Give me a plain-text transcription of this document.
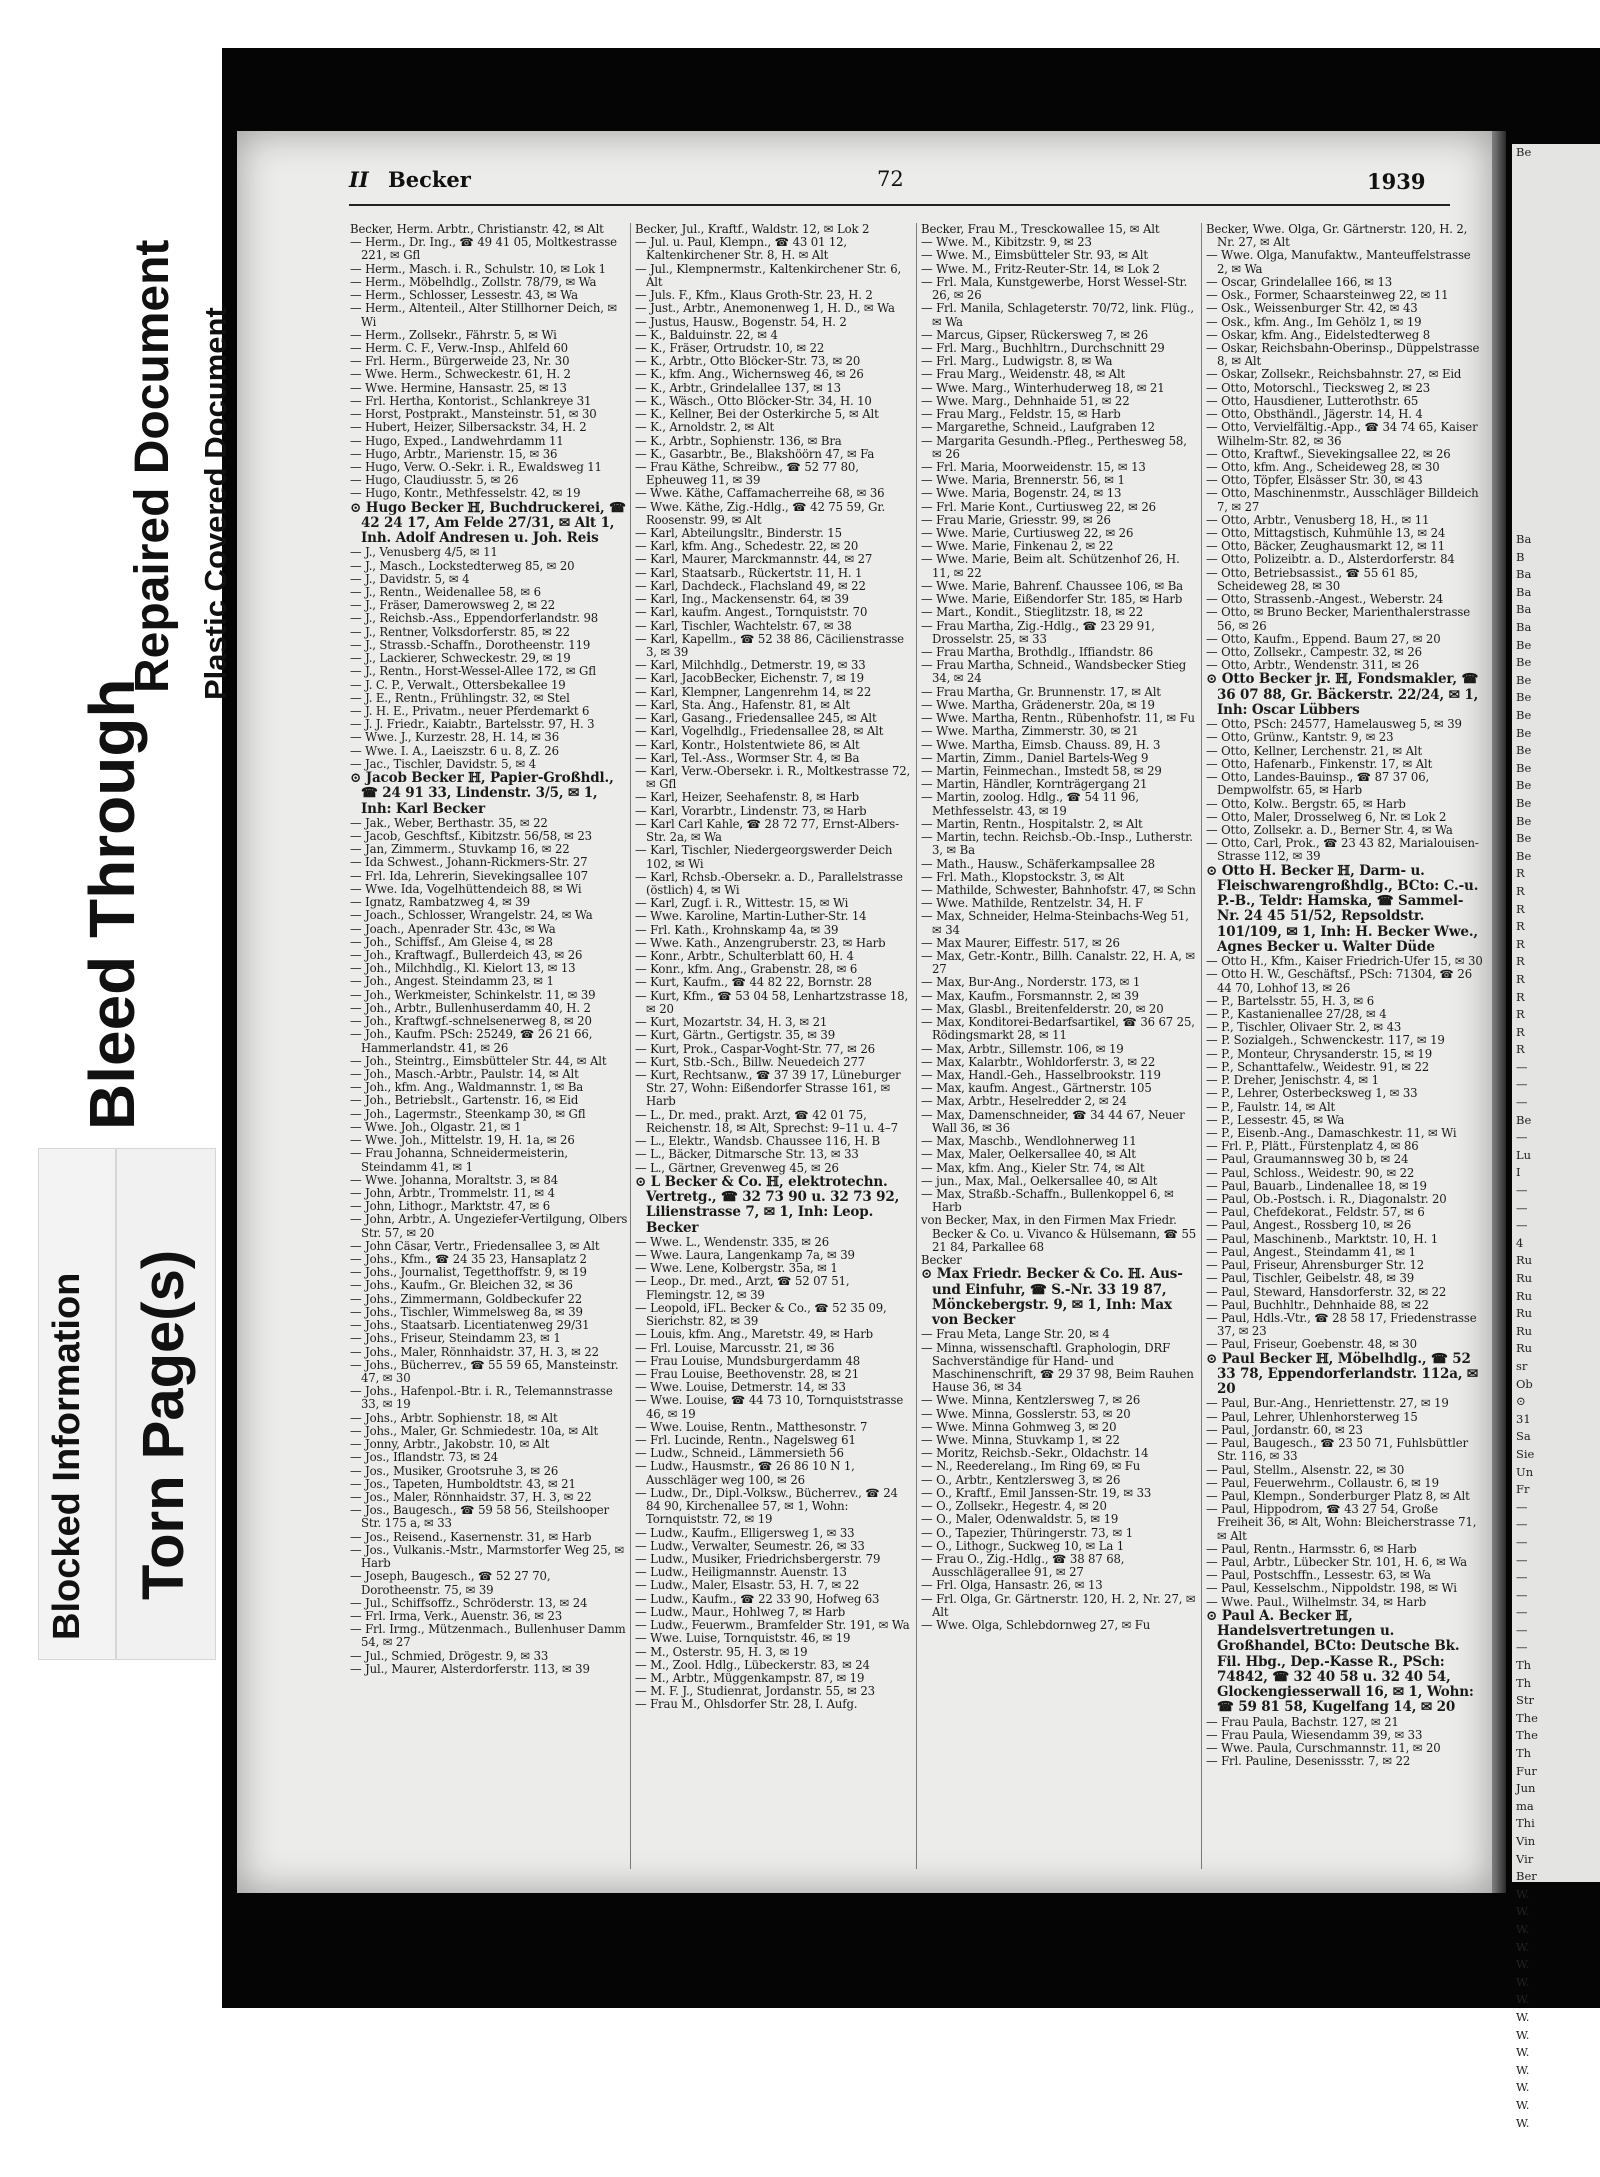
Plastic Covered Document
Repaired Document
Bleed Through
Blocked Information Torn Page(s)
Be
Ba
B
Ba
Ba
Ba
Ba
Be
Be
Be
Be
Be
Be
Be
Be
Be
Be
Be
Be
Be
R
R
R
R
R
R
R
R
R
R
R
—
—
—
Be
—
Lu
I
—
—
—
4
Ru
Ru
Ru
Ru
Ru
Ru
sr
Ob
⊙
31
Sa
Sie
Un
Fr
—
—
—
—
—
—
—
—
—
Th
Th
Str
The
The
Th
Fur
Jun
ma
Thi
Vin
Vir
Ber
W.
W.
W.
W.
W.
W.
W.
W.
W.
W.
W.
W.
W.
W.
II Becker	72	1939

Becker, Herm. Arbtr., Christianstr. 42, ✉ Alt

— Herm., Dr. Ing., ☎ 49 41 05, Moltkestrasse 221, ✉ Gfl

— Herm., Masch. i. R., Schulstr. 10, ✉ Lok 1

— Herm., Möbelhdlg., Zollstr. 78/79, ✉ Wa

— Herm., Schlosser, Lessestr. 43, ✉ Wa

— Herm., Altenteil., Alter Stillhorner Deich, ✉ Wi

— Herm., Zollsekr., Fährstr. 5, ✉ Wi

— Herm. C. F., Verw.-Insp., Ahlfeld 60

— Frl. Herm., Bürgerweide 23, Nr. 30

— Wwe. Herm., Schweckestr. 61, H. 2

— Wwe. Hermine, Hansastr. 25, ✉ 13

— Frl. Hertha, Kontorist., Schlankreye 31

— Horst, Postprakt., Mansteinstr. 51, ✉ 30

— Hubert, Heizer, Silbersackstr. 34, H. 2

— Hugo, Exped., Landwehrdamm 11

— Hugo, Arbtr., Marienstr. 15, ✉ 36

— Hugo, Verw. O.-Sekr. i. R., Ewaldsweg 11

— Hugo, Claudiusstr. 5, ✉ 26

— Hugo, Kontr., Methfesselstr. 42, ✉ 19

⊙ Hugo Becker ℍ, Buchdruckerei, ☎ 42 24 17, Am Felde 27/31, ✉ Alt 1, Inh. Adolf Andresen u. Joh. Reis

— J., Venusberg 4/5, ✉ 11

— J., Masch., Lockstedterweg 85, ✉ 20

— J., Davidstr. 5, ✉ 4

— J., Rentn., Weidenallee 58, ✉ 6

— J., Fräser, Damerowsweg 2, ✉ 22

— J., Reichsb.-Ass., Eppendorferlandstr. 98

— J., Rentner, Volksdorferstr. 85, ✉ 22

— J., Strassb.-Schaffn., Dorotheenstr. 119

— J., Lackierer, Schweckestr. 29, ✉ 19

— J., Rentn., Horst-Wessel-Allee 172, ✉ Gfl

— J. C. P., Verwalt., Ottersbekallee 19

— J. E., Rentn., Frühlingstr. 32, ✉ Stel

— J. H. E., Privatm., neuer Pferdemarkt 6

— J. J. Friedr., Kaiabtr., Bartelsstr. 97, H. 3

— Wwe. J., Kurzestr. 28, H. 14, ✉ 36

— Wwe. I. A., Laeiszstr. 6 u. 8, Z. 26

— Jac., Tischler, Davidstr. 5, ✉ 4

⊙ Jacob Becker ℍ, Papier-Großhdl., ☎ 24 91 33, Lindenstr. 3/5, ✉ 1, Inh: Karl Becker

— Jak., Weber, Berthastr. 35, ✉ 22

— Jacob, Geschftsf., Kibitzstr. 56/58, ✉ 23

— Jan, Zimmerm., Stuvkamp 16, ✉ 22

— Ida Schwest., Johann-Rickmers-Str. 27

— Frl. Ida, Lehrerin, Sievekingsallee 107

— Wwe. Ida, Vogelhüttendeich 88, ✉ Wi

— Ignatz, Rambatzweg 4, ✉ 39

— Joach., Schlosser, Wrangelstr. 24, ✉ Wa

— Joach., Apenrader Str. 43c, ✉ Wa

— Joh., Schiffsf., Am Gleise 4, ✉ 28

— Joh., Kraftwagf., Bullerdeich 43, ✉ 26

— Joh., Milchhdlg., Kl. Kielort 13, ✉ 13

— Joh., Angest. Steindamm 23, ✉ 1

— Joh., Werkmeister, Schinkelstr. 11, ✉ 39

— Joh., Arbtr., Bullenhuserdamm 40, H. 2

— Joh., Kraftwgf.-schnelsenerweg 8, ✉ 20

— Joh., Kaufm. PSch: 25249, ☎ 26 21 66, Hammerlandstr. 41, ✉ 26

— Joh., Steintrg., Eimsbütteler Str. 44, ✉ Alt

— Joh., Masch.-Arbtr., Paulstr. 14, ✉ Alt

— Joh., kfm. Ang., Waldmannstr. 1, ✉ Ba

— Joh., Betriebslt., Gartenstr. 16, ✉ Eid

— Joh., Lagermstr., Steenkamp 30, ✉ Gfl

— Wwe. Joh., Olgastr. 21, ✉ 1

— Wwe. Joh., Mittelstr. 19, H. 1a, ✉ 26

— Frau Johanna, Schneidermeisterin, Steindamm 41, ✉ 1

— Wwe. Johanna, Moraltstr. 3, ✉ 84

— John, Arbtr., Trommelstr. 11, ✉ 4

— John, Lithogr., Marktstr. 47, ✉ 6

— John, Arbtr., A. Ungeziefer-Vertilgung, Olbers Str. 57, ✉ 20

— John Cäsar, Vertr., Friedensallee 3, ✉ Alt

— Johs., Kfm., ☎ 24 35 23, Hansaplatz 2

— Johs., Journalist, Tegetthoffstr. 9, ✉ 19

— Johs., Kaufm., Gr. Bleichen 32, ✉ 36

— Johs., Zimmermann, Goldbeckufer 22

— Johs., Tischler, Wimmelsweg 8a, ✉ 39

— Johs., Staatsarb. Licentiatenweg 29/31

— Johs., Friseur, Steindamm 23, ✉ 1

— Johs., Maler, Rönnhaidstr. 37, H. 3, ✉ 22

— Johs., Bücherrev., ☎ 55 59 65, Mansteinstr. 47, ✉ 30

— Johs., Hafenpol.-Btr. i. R., Telemannstrasse 33, ✉ 19

— Johs., Arbtr. Sophienstr. 18, ✉ Alt

— Johs., Maler, Gr. Schmiedestr. 10a, ✉ Alt

— Jonny, Arbtr., Jakobstr. 10, ✉ Alt

— Jos., Iflandstr. 73, ✉ 24

— Jos., Musiker, Grootsruhe 3, ✉ 26

— Jos., Tapeten, Humboldtstr. 43, ✉ 21

— Jos., Maler, Rönnhaidstr. 37, H. 3, ✉ 22

— Jos., Baugesch., ☎ 59 58 56, Steilshooper Str. 175 a, ✉ 33

— Jos., Reisend., Kasernenstr. 31, ✉ Harb

— Jos., Vulkanis.-Mstr., Marmstorfer Weg 25, ✉ Harb

— Joseph, Baugesch., ☎ 52 27 70, Dorotheenstr. 75, ✉ 39

— Jul., Schiffsoffz., Schröderstr. 13, ✉ 24

— Frl. Irma, Verk., Auenstr. 36, ✉ 23

— Frl. Irmg., Mützenmach., Bullenhuser Damm 54, ✉ 27

— Jul., Schmied, Drögestr. 9, ✉ 33

— Jul., Maurer, Alsterdorferstr. 113, ✉ 39

Becker, Jul., Kraftf., Waldstr. 12, ✉ Lok 2

— Jul. u. Paul, Klempn., ☎ 43 01 12, Kaltenkirchener Str. 8, H. ✉ Alt

— Jul., Klempnermstr., Kaltenkirchener Str. 6, Alt

— Juls. F., Kfm., Klaus Groth-Str. 23, H. 2

— Just., Arbtr., Anemonenweg 1, H. D., ✉ Wa

— Justus, Hausw., Bogenstr. 54, H. 2

— K., Balduinstr. 22, ✉ 4

— K., Fräser, Ortrudstr. 10, ✉ 22

— K., Arbtr., Otto Blöcker-Str. 73, ✉ 20

— K., kfm. Ang., Wichernsweg 46, ✉ 26

— K., Arbtr., Grindelallee 137, ✉ 13

— K., Wäsch., Otto Blöcker-Str. 34, H. 10

— K., Kellner, Bei der Osterkirche 5, ✉ Alt

— K., Arnoldstr. 2, ✉ Alt

— K., Arbtr., Sophienstr. 136, ✉ Bra

— K., Gasarbtr., Be., Blakshöörn 47, ✉ Fa

— Frau Käthe, Schreibw., ☎ 52 77 80, Epheuweg 11, ✉ 39

— Wwe. Käthe, Caffamacherreihe 68, ✉ 36

— Wwe. Käthe, Zig.-Hdlg., ☎ 42 75 59, Gr. Roosenstr. 99, ✉ Alt

— Karl, Abteilungsltr., Binderstr. 15

— Karl, kfm. Ang., Schedestr. 22, ✉ 20

— Karl, Maurer, Marckmannstr. 44, ✉ 27

— Karl, Staatsarb., Rückertstr. 11, H. 1

— Karl, Dachdeck., Flachsland 49, ✉ 22

— Karl, Ing., Mackensenstr. 64, ✉ 39

— Karl, kaufm. Angest., Tornquiststr. 70

— Karl, Tischler, Wachtelstr. 67, ✉ 38

— Karl, Kapellm., ☎ 52 38 86, Cäcilienstrasse 3, ✉ 39

— Karl, Milchhdlg., Detmerstr. 19, ✉ 33

— Karl, JacobBecker, Eichenstr. 7, ✉ 19

— Karl, Klempner, Langenrehm 14, ✉ 22

— Karl, Sta. Ang., Hafenstr. 81, ✉ Alt

— Karl, Gasang., Friedensallee 245, ✉ Alt

— Karl, Vogelhdlg., Friedensallee 28, ✉ Alt

— Karl, Kontr., Holstentwiete 86, ✉ Alt

— Karl, Tel.-Ass., Wormser Str. 4, ✉ Ba

— Karl, Verw.-Obersekr. i. R., Moltkestrasse 72, ✉ Gfl

— Karl, Heizer, Seehafenstr. 8, ✉ Harb

— Karl, Vorarbtr., Lindenstr. 73, ✉ Harb

— Karl Carl Kahle, ☎ 28 72 77, Ernst-Albers-Str. 2a, ✉ Wa

— Karl, Tischler, Niedergeorgswerder Deich 102, ✉ Wi

— Karl, Rchsb.-Obersekr. a. D., Parallelstrasse (östlich) 4, ✉ Wi

— Karl, Zugf. i. R., Wittestr. 15, ✉ Wi

— Wwe. Karoline, Martin-Luther-Str. 14

— Frl. Kath., Krohnskamp 4a, ✉ 39

— Wwe. Kath., Anzengruberstr. 23, ✉ Harb

— Konr., Arbtr., Schulterblatt 60, H. 4

— Konr., kfm. Ang., Grabenstr. 28, ✉ 6

— Kurt, Kaufm., ☎ 44 82 22, Bornstr. 28

— Kurt, Kfm., ☎ 53 04 58, Lenhartzstrasse 18, ✉ 20

— Kurt, Mozartstr. 34, H. 3, ✉ 21

— Kurt, Gärtn., Gertigstr. 35, ✉ 39

— Kurt, Prok., Caspar-Voght-Str. 77, ✉ 26

— Kurt, Stb.-Sch., Billw. Neuedeich 277

— Kurt, Rechtsanw., ☎ 37 39 17, Lüneburger Str. 27, Wohn: Eißendorfer Strasse 161, ✉ Harb

— L., Dr. med., prakt. Arzt, ☎ 42 01 75, Reichenstr. 18, ✉ Alt, Sprechst: 9–11 u. 4–7

— L., Elektr., Wandsb. Chaussee 116, H. B

— L., Bäcker, Ditmarsche Str. 13, ✉ 33

— L., Gärtner, Grevenweg 45, ✉ 26

⊙ L Becker & Co. ℍ, elektrotechn. Vertretg., ☎ 32 73 90 u. 32 73 92, Lilienstrasse 7, ✉ 1, Inh: Leop. Becker

— Wwe. L., Wendenstr. 335, ✉ 26

— Wwe. Laura, Langenkamp 7a, ✉ 39

— Wwe. Lene, Kolbergstr. 35a, ✉ 1

— Leop., Dr. med., Arzt, ☎ 52 07 51, Flemingstr. 12, ✉ 39

— Leopold, iFL. Becker & Co., ☎ 52 35 09, Sierichstr. 82, ✉ 39

— Louis, kfm. Ang., Maretstr. 49, ✉ Harb

— Frl. Louise, Marcusstr. 21, ✉ 36

— Frau Louise, Mundsburgerdamm 48

— Frau Louise, Beethovenstr. 28, ✉ 21

— Wwe. Louise, Detmerstr. 14, ✉ 33

— Wwe. Louise, ☎ 44 73 10, Tornquiststrasse 46, ✉ 19

— Wwe. Louise, Rentn., Matthesonstr. 7

— Frl. Lucinde, Rentn., Nagelsweg 61

— Ludw., Schneid., Lämmersieth 56

— Ludw., Hausmstr., ☎ 26 86 10 N 1, Ausschläger weg 100, ✉ 26

— Ludw., Dr., Dipl.-Volksw., Bücherrev., ☎ 24 84 90, Kirchenallee 57, ✉ 1, Wohn: Tornquiststr. 72, ✉ 19

— Ludw., Kaufm., Elligersweg 1, ✉ 33

— Ludw., Verwalter, Seumestr. 26, ✉ 33

— Ludw., Musiker, Friedrichsbergerstr. 79

— Ludw., Heiligmannstr. Auenstr. 13

— Ludw., Maler, Elsastr. 53, H. 7, ✉ 22

— Ludw., Kaufm., ☎ 22 33 90, Hofweg 63

— Ludw., Maur., Hohlweg 7, ✉ Harb

— Ludw., Feuerwm., Bramfelder Str. 191, ✉ Wa

— Wwe. Luise, Tornquiststr. 46, ✉ 19

— M., Osterstr. 95, H. 3, ✉ 19

— M., Zool. Hdlg., Lübeckerstr. 83, ✉ 24

— M., Arbtr., Müggenkampstr. 87, ✉ 19

— M. F. J., Studienrat, Jordanstr. 55, ✉ 23

— Frau M., Ohlsdorfer Str. 28, I. Aufg.

Becker, Frau M., Tresckowallee 15, ✉ Alt

— Wwe. M., Kibitzstr. 9, ✉ 23

— Wwe. M., Eimsbütteler Str. 93, ✉ Alt

— Wwe. M., Fritz-Reuter-Str. 14, ✉ Lok 2

— Frl. Mala, Kunstgewerbe, Horst Wessel-Str. 26, ✉ 26

— Frl. Manila, Schlageterstr. 70/72, link. Flüg., ✉ Wa

— Marcus, Gipser, Rückersweg 7, ✉ 26

— Frl. Marg., Buchhltrn., Durchschnitt 29

— Frl. Marg., Ludwigstr. 8, ✉ Wa

— Frau Marg., Weidenstr. 48, ✉ Alt

— Wwe. Marg., Winterhuderweg 18, ✉ 21

— Wwe. Marg., Dehnhaide 51, ✉ 22

— Frau Marg., Feldstr. 15, ✉ Harb

— Margarethe, Schneid., Laufgraben 12

— Margarita Gesundh.-Pfleg., Perthesweg 58, ✉ 26

— Frl. Maria, Moorweidenstr. 15, ✉ 13

— Wwe. Maria, Brennerstr. 56, ✉ 1

— Wwe. Maria, Bogenstr. 24, ✉ 13

— Frl. Marie Kont., Curtiusweg 22, ✉ 26

— Frau Marie, Griesstr. 99, ✉ 26

— Wwe. Marie, Curtiusweg 22, ✉ 26

— Wwe. Marie, Finkenau 2, ✉ 22

— Wwe. Marie, Beim alt. Schützenhof 26, H. 11, ✉ 22

— Wwe. Marie, Bahrenf. Chaussee 106, ✉ Ba

— Wwe. Marie, Eißendorfer Str. 185, ✉ Harb

— Mart., Kondit., Stieglitzstr. 18, ✉ 22

— Frau Martha, Zig.-Hdlg., ☎ 23 29 91, Drosselstr. 25, ✉ 33

— Frau Martha, Brothdlg., Iffiandstr. 86

— Frau Martha, Schneid., Wandsbecker Stieg 34, ✉ 24

— Frau Martha, Gr. Brunnenstr. 17, ✉ Alt

— Wwe. Martha, Grädenerstr. 20a, ✉ 19

— Wwe. Martha, Rentn., Rübenhofstr. 11, ✉ Fu

— Wwe. Martha, Zimmerstr. 30, ✉ 21

— Wwe. Martha, Eimsb. Chauss. 89, H. 3

— Martin, Zimm., Daniel Bartels-Weg 9

— Martin, Feinmechan., Imstedt 58, ✉ 29

— Martin, Händler, Kornträgergang 21

— Martin, zoolog. Hdlg., ☎ 54 11 96, Methfesselstr. 43, ✉ 19

— Martin, Rentn., Hospitalstr. 2, ✉ Alt

— Martin, techn. Reichsb.-Ob.-Insp., Lutherstr. 3, ✉ Ba

— Math., Hausw., Schäferkampsallee 28

— Frl. Math., Klopstockstr. 3, ✉ Alt

— Mathilde, Schwester, Bahnhofstr. 47, ✉ Schn

— Wwe. Mathilde, Rentzelstr. 34, H. F

— Max, Schneider, Helma-Steinbachs-Weg 51, ✉ 34

— Max Maurer, Eiffestr. 517, ✉ 26

— Max, Getr.-Kontr., Billh. Canalstr. 22, H. A, ✉ 27

— Max, Bur-Ang., Norderstr. 173, ✉ 1

— Max, Kaufm., Forsmannstr. 2, ✉ 39

— Max, Glasbl., Breitenfelderstr. 20, ✉ 20

— Max, Konditorei-Bedarfsartikel, ☎ 36 67 25, Rödingsmarkt 28, ✉ 11

— Max, Arbtr., Sillemstr. 106, ✉ 19

— Max, Kalarbtr., Wohldorferstr. 3, ✉ 22

— Max, Handl.-Geh., Hasselbrookstr. 119

— Max, kaufm. Angest., Gärtnerstr. 105

— Max, Arbtr., Heselredder 2, ✉ 24

— Max, Damenschneider, ☎ 34 44 67, Neuer Wall 36, ✉ 36

— Max, Maschb., Wendlohnerweg 11

— Max, Maler, Oelkersallee 40, ✉ Alt

— Max, kfm. Ang., Kieler Str. 74, ✉ Alt

— jun., Max, Mal., Oelkersallee 40, ✉ Alt

— Max, Straßb.-Schaffn., Bullenkoppel 6, ✉ Harb

von Becker, Max, in den Firmen Max Friedr. Becker & Co. u. Vivanco & Hülsemann, ☎ 55 21 84, Parkallee 68

Becker

⊙ Max Friedr. Becker & Co. ℍ. Aus- und Einfuhr, ☎ S.-Nr. 33 19 87, Mönckebergstr. 9, ✉ 1, Inh: Max von Becker

— Frau Meta, Lange Str. 20, ✉ 4

— Minna, wissenschaftl. Graphologin, DRF Sachverständige für Hand- und Maschinenschrift, ☎ 29 37 98, Beim Rauhen Hause 36, ✉ 34

— Wwe. Minna, Kentzlersweg 7, ✉ 26

— Wwe. Minna, Gosslerstr. 53, ✉ 20

— Wwe. Minna Gohmweg 3, ✉ 20

— Wwe. Minna, Stuvkamp 1, ✉ 22

— Moritz, Reichsb.-Sekr., Oldachstr. 14

— N., Reederelang., Im Ring 69, ✉ Fu

— O., Arbtr., Kentzlersweg 3, ✉ 26

— O., Kraftf., Emil Janssen-Str. 19, ✉ 33

— O., Zollsekr., Hegestr. 4, ✉ 20

— O., Maler, Odenwaldstr. 5, ✉ 19

— O., Tapezier, Thüringerstr. 73, ✉ 1

— O., Lithogr., Suckweg 10, ✉ La 1

— Frau O., Zig.-Hdlg., ☎ 38 87 68, Ausschlägerallee 91, ✉ 27

— Frl. Olga, Hansastr. 26, ✉ 13

— Frl. Olga, Gr. Gärtnerstr. 120, H. 2, Nr. 27, ✉ Alt

— Wwe. Olga, Schlebdornweg 27, ✉ Fu

Becker, Wwe. Olga, Gr. Gärtnerstr. 120, H. 2, Nr. 27, ✉ Alt

— Wwe. Olga, Manufaktw., Manteuffelstrasse 2, ✉ Wa

— Oscar, Grindelallee 166, ✉ 13

— Osk., Former, Schaarsteinweg 22, ✉ 11

— Osk., Weissenburger Str. 42, ✉ 43

— Osk., kfm. Ang., Im Gehölz 1, ✉ 19

— Oskar, kfm. Ang., Eidelstedterweg 8

— Oskar, Reichsbahn-Oberinsp., Düppelstrasse 8, ✉ Alt

— Oskar, Zollsekr., Reichsbahnstr. 27, ✉ Eid

— Otto, Motorschl., Tiecksweg 2, ✉ 23

— Otto, Hausdiener, Lutterothstr. 65

— Otto, Obsthändl., Jägerstr. 14, H. 4

— Otto, Vervielfältig.-App., ☎ 34 74 65, Kaiser Wilhelm-Str. 82, ✉ 36

— Otto, Kraftwf., Sievekingsallee 22, ✉ 26

— Otto, kfm. Ang., Scheideweg 28, ✉ 30

— Otto, Töpfer, Elsässer Str. 30, ✉ 43

— Otto, Maschinenmstr., Ausschläger Billdeich 7, ✉ 27

— Otto, Arbtr., Venusberg 18, H., ✉ 11

— Otto, Mittagstisch, Kuhmühle 13, ✉ 24

— Otto, Bäcker, Zeughausmarkt 12, ✉ 11

— Otto, Polizeibtr. a. D., Alsterdorferstr. 84

— Otto, Betriebsassist., ☎ 55 61 85, Scheideweg 28, ✉ 30

— Otto, Strassenb.-Angest., Weberstr. 24

— Otto, ✉ Bruno Becker, Marienthalerstrasse 56, ✉ 26

— Otto, Kaufm., Eppend. Baum 27, ✉ 20

— Otto, Zollsekr., Campestr. 32, ✉ 26

— Otto, Arbtr., Wendenstr. 311, ✉ 26

⊙ Otto Becker jr. ℍ, Fondsmakler, ☎ 36 07 88, Gr. Bäckerstr. 22/24, ✉ 1, Inh: Oscar Lübbers

— Otto, PSch: 24577, Hamelausweg 5, ✉ 39

— Otto, Grünw., Kantstr. 9, ✉ 23

— Otto, Kellner, Lerchenstr. 21, ✉ Alt

— Otto, Hafenarb., Finkenstr. 17, ✉ Alt

— Otto, Landes-Bauinsp., ☎ 87 37 06, Dempwolfstr. 65, ✉ Harb

— Otto, Kolw.. Bergstr. 65, ✉ Harb

— Otto, Maler, Drosselweg 6, Nr. ✉ Lok 2

— Otto, Zollsekr. a. D., Berner Str. 4, ✉ Wa

— Otto, Carl, Prok., ☎ 23 43 82, Marialouisen-Strasse 112, ✉ 39

⊙ Otto H. Becker ℍ, Darm- u. Fleischwarengroßhdlg., BCto: C.-u. P.-B., Teldr: Hamska, ☎ Sammel-Nr. 24 45 51/52, Repsoldstr. 101/109, ✉ 1, Inh: H. Becker Wwe., Agnes Becker u. Walter Düde

— Otto H., Kfm., Kaiser Friedrich-Ufer 15, ✉ 30

— Otto H. W., Geschäftsf., PSch: 71304, ☎ 26 44 70, Lohhof 13, ✉ 26

— P., Bartelsstr. 55, H. 3, ✉ 6

— P., Kastanienallee 27/28, ✉ 4

— P., Tischler, Olivaer Str. 2, ✉ 43

— P. Sozialgeh., Schwenckestr. 117, ✉ 19

— P., Monteur, Chrysanderstr. 15, ✉ 19

— P., Schanttafelw., Weidestr. 91, ✉ 22

— P. Dreher, Jenischstr. 4, ✉ 1

— P., Lehrer, Osterbecksweg 1, ✉ 33

— P., Faulstr. 14, ✉ Alt

— P., Lessestr. 45, ✉ Wa

— P., Eisenb.-Ang., Damaschkestr. 11, ✉ Wi

— Frl. P., Plätt., Fürstenplatz 4, ✉ 86

— Paul, Graumannsweg 30 b, ✉ 24

— Paul, Schloss., Weidestr. 90, ✉ 22

— Paul, Bauarb., Lindenallee 18, ✉ 19

— Paul, Ob.-Postsch. i. R., Diagonalstr. 20

— Paul, Chefdekorat., Feldstr. 57, ✉ 6

— Paul, Angest., Rossberg 10, ✉ 26

— Paul, Maschinenb., Marktstr. 10, H. 1

— Paul, Angest., Steindamm 41, ✉ 1

— Paul, Friseur, Ahrensburger Str. 12

— Paul, Tischler, Geibelstr. 48, ✉ 39

— Paul, Steward, Hansdorferstr. 32, ✉ 22

— Paul, Buchhltr., Dehnhaide 88, ✉ 22

— Paul, Hdls.-Vtr., ☎ 28 58 17, Friedenstrasse 37, ✉ 23

— Paul, Friseur, Goebenstr. 48, ✉ 30

⊙ Paul Becker ℍ, Möbelhdlg., ☎ 52 33 78, Eppendorferlandstr. 112a, ✉ 20

— Paul, Bur.-Ang., Henriettenstr. 27, ✉ 19

— Paul, Lehrer, Uhlenhorsterweg 15

— Paul, Jordanstr. 60, ✉ 23

— Paul, Baugesch., ☎ 23 50 71, Fuhlsbüttler Str. 116, ✉ 33

— Paul, Stellm., Alsenstr. 22, ✉ 30

— Paul, Feuerwehrm., Collaustr. 6, ✉ 19

— Paul, Klempn., Sonderburger Platz 8, ✉ Alt

— Paul, Hippodrom, ☎ 43 27 54, Große Freiheit 36, ✉ Alt, Wohn: Bleicherstrasse 71, ✉ Alt

— Paul, Rentn., Harmsstr. 6, ✉ Harb

— Paul, Arbtr., Lübecker Str. 101, H. 6, ✉ Wa

— Paul, Postschffn., Lessestr. 63, ✉ Wa

— Paul, Kesselschm., Nippoldstr. 198, ✉ Wi

— Wwe. Paul., Wilhelmstr. 34, ✉ Harb

⊙ Paul A. Becker ℍ, Handelsvertretungen u. Großhandel, BCto: Deutsche Bk. Fil. Hbg., Dep.-Kasse R., PSch: 74842, ☎ 32 40 58 u. 32 40 54, Glockengiesserwall 16, ✉ 1, Wohn: ☎ 59 81 58, Kugelfang 14, ✉ 20

— Frau Paula, Bachstr. 127, ✉ 21

— Frau Paula, Wiesendamm 39, ✉ 33

— Wwe. Paula, Curschmannstr. 11, ✉ 20

— Frl. Pauline, Desenissstr. 7, ✉ 22
